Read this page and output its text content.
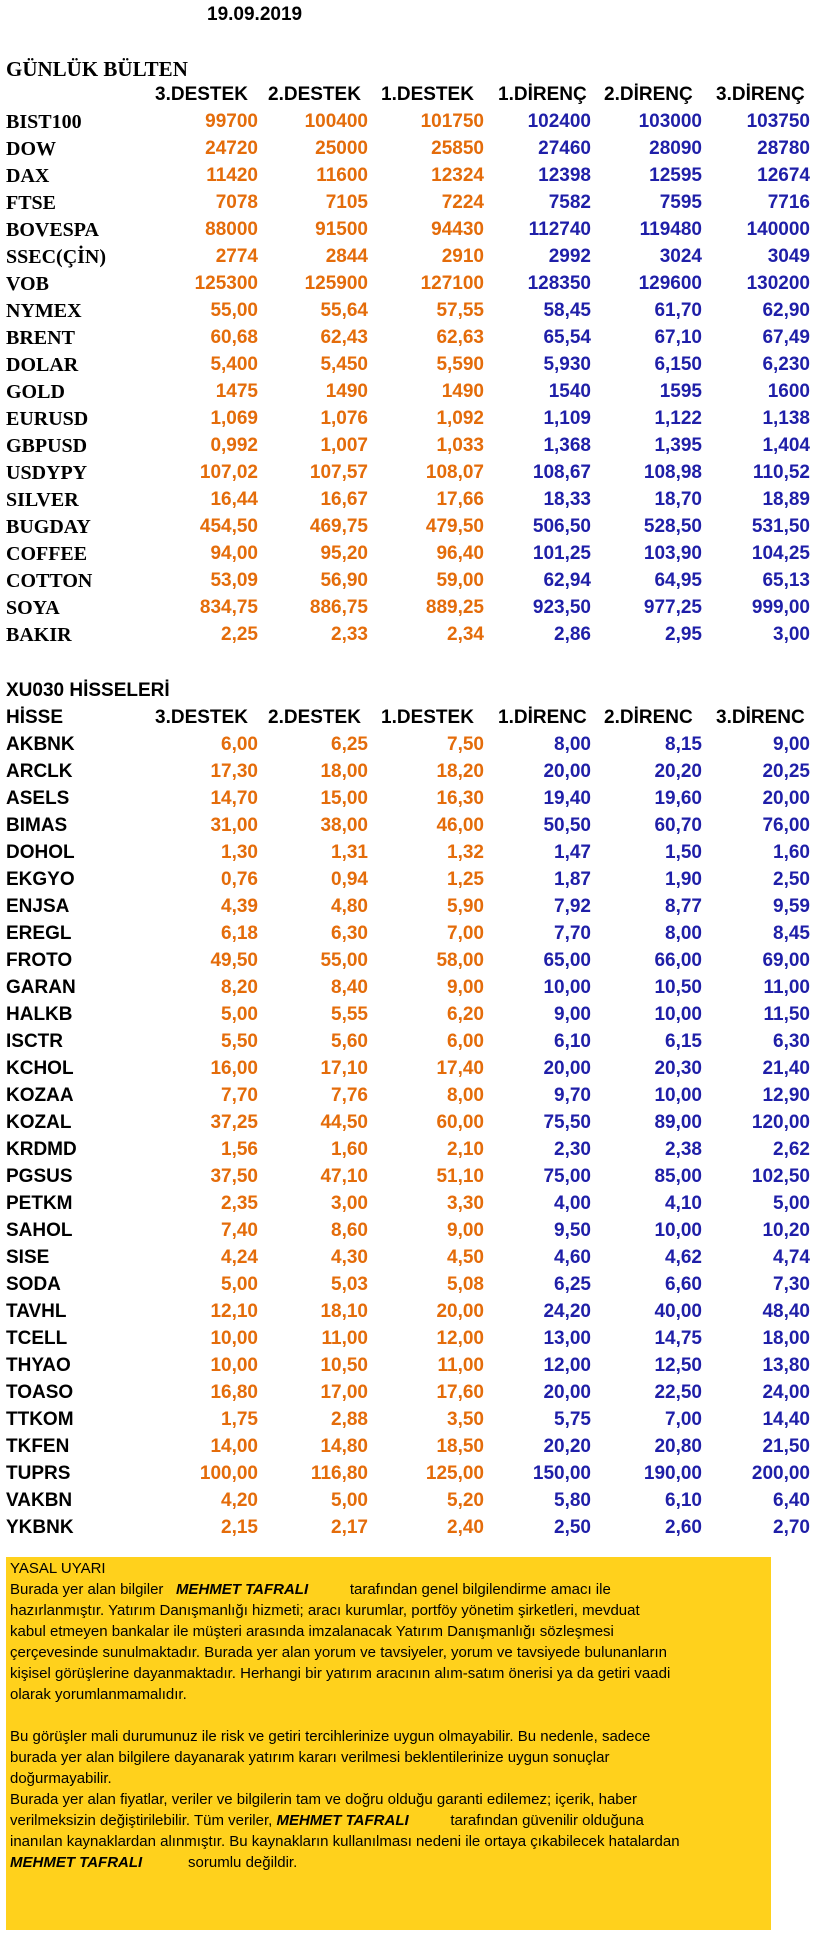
19.09.2019
GÜNLÜK BÜLTEN
3.DESTEK 2.DESTEK 1.DESTEK 1.DİRENÇ 2.DİRENÇ 3.DİRENÇ
BIST100	99700	100400	101750	102400	103000	103750
DOW	24720	25000	25850	27460	28090	28780
DAX	11420	11600	12324	12398	12595	12674
FTSE	7078	7105	7224	7582	7595	7716
BOVESPA	88000	91500	94430	112740	119480	140000
SSEC(ÇİN)	2774	2844	2910	2992	3024	3049
VOB	125300	125900	127100	128350	129600	130200
NYMEX	55,00	55,64	57,55	58,45	61,70	62,90
BRENT	60,68	62,43	62,63	65,54	67,10	67,49
DOLAR	5,400	5,450	5,590	5,930	6,150	6,230
GOLD	1475	1490	1490	1540	1595	1600
EURUSD	1,069	1,076	1,092	1,109	1,122	1,138
GBPUSD	0,992	1,007	1,033	1,368	1,395	1,404
USDYPY	107,02	107,57	108,07	108,67	108,98	110,52
SILVER	16,44	16,67	17,66	18,33	18,70	18,89
BUGDAY	454,50	469,75	479,50	506,50	528,50	531,50
COFFEE	94,00	95,20	96,40	101,25	103,90	104,25
COTTON	53,09	56,90	59,00	62,94	64,95	65,13
SOYA	834,75	886,75	889,25	923,50	977,25	999,00
BAKIR	2,25	2,33	2,34	2,86	2,95	3,00
XU030 HİSSELERİ
HİSSE	3.DESTEK 2.DESTEK 1.DESTEK 1.DİRENC 2.DİRENC 3.DİRENC
AKBNK	6,00	6,25	7,50	8,00	8,15	9,00
ARCLK	17,30	18,00	18,20	20,00	20,20	20,25
ASELS	14,70	15,00	16,30	19,40	19,60	20,00
BIMAS	31,00	38,00	46,00	50,50	60,70	76,00
DOHOL	1,30	1,31	1,32	1,47	1,50	1,60
EKGYO	0,76	0,94	1,25	1,87	1,90	2,50
ENJSA	4,39	4,80	5,90	7,92	8,77	9,59
EREGL	6,18	6,30	7,00	7,70	8,00	8,45
FROTO	49,50	55,00	58,00	65,00	66,00	69,00
GARAN	8,20	8,40	9,00	10,00	10,50	11,00
HALKB	5,00	5,55	6,20	9,00	10,00	11,50
ISCTR	5,50	5,60	6,00	6,10	6,15	6,30
KCHOL	16,00	17,10	17,40	20,00	20,30	21,40
KOZAA	7,70	7,76	8,00	9,70	10,00	12,90
KOZAL	37,25	44,50	60,00	75,50	89,00	120,00
KRDMD	1,56	1,60	2,10	2,30	2,38	2,62
PGSUS	37,50	47,10	51,10	75,00	85,00	102,50
PETKM	2,35	3,00	3,30	4,00	4,10	5,00
SAHOL	7,40	8,60	9,00	9,50	10,00	10,20
SISE	4,24	4,30	4,50	4,60	4,62	4,74
SODA	5,00	5,03	5,08	6,25	6,60	7,30
TAVHL	12,10	18,10	20,00	24,20	40,00	48,40
TCELL	10,00	11,00	12,00	13,00	14,75	18,00
THYAO	10,00	10,50	11,00	12,00	12,50	13,80
TOASO	16,80	17,00	17,60	20,00	22,50	24,00
TTKOM	1,75	2,88	3,50	5,75	7,00	14,40
TKFEN	14,00	14,80	18,50	20,20	20,80	21,50
TUPRS	100,00	116,80	125,00	150,00	190,00	200,00
VAKBN	4,20	5,00	5,20	5,80	6,10	6,40
YKBNK	2,15	2,17	2,40	2,50	2,60	2,70

YASAL UYARI

Burada yer alan bilgiler MEHMET TAFRALI	tarafından genel bilgilendirme amacı ile

hazırlanmıştır. Yatırım Danışmanlığı hizmeti; aracı kurumlar, portföy yönetim şirketleri, mevduat

kabul etmeyen bankalar ile müşteri arasında imzalanacak Yatırım Danışmanlığı sözleşmesi

çerçevesinde sunulmaktadır. Burada yer alan yorum ve tavsiyeler, yorum ve tavsiyede bulunanların

kişisel görüşlerine dayanmaktadır. Herhangi bir yatırım aracının alım-satım önerisi ya da getiri vaadi

olarak yorumlanmamalıdır.

Bu görüşler mali durumunuz ile risk ve getiri tercihlerinize uygun olmayabilir. Bu nedenle, sadece

burada yer alan bilgilere dayanarak yatırım kararı verilmesi beklentilerinize uygun sonuçlar

doğurmayabilir.

Burada yer alan fiyatlar, veriler ve bilgilerin tam ve doğru olduğu garanti edilemez; içerik, haber

verilmeksizin değiştirilebilir. Tüm veriler, MEHMET TAFRALI	tarafından güvenilir olduğuna

inanılan kaynaklardan alınmıştır. Bu kaynakların kullanılması nedeni ile ortaya çıkabilecek hatalardan

MEHMET TAFRALI	sorumlu değildir.
